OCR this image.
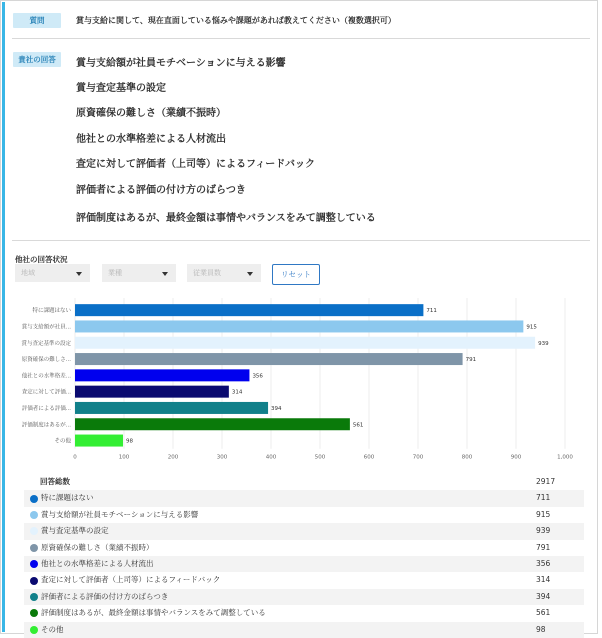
質問	賞与支給に関して、現在直面している悩みや課題があれば教えてください（複数選択可）
貴社の回答	賞与支給額が社員モチベーションに与える影響
賞与査定基準の設定
原資確保の難しさ（業績不振時）
他社との水準格差による人材流出
査定に対して評価者（上司等）によるフィードバック
評価者による評価の付け方のばらつき
評価制度はあるが、最終金額は事情やバランスをみて調整している
他社の回答状況
地域	業種	従業員数	リセット
0	100	200	300	400	500	600	700	800	900	1,000
特に課題はない	711
賞与支給額が社員...	915
賞与査定基準の設定	939
原資確保の難しさ...	791
他社との水準格差...	356
査定に対して評価...	314
評価者による評価...	394
評価制度はあるが...	561
その他	98
回答総数	2917
特に課題はない	711
賞与支給額が社員モチベーションに与える影響	915
賞与査定基準の設定	939
原資確保の難しさ（業績不振時）	791
他社との水準格差による人材流出	356
査定に対して評価者（上司等）によるフィードバック	314
評価者による評価の付け方のばらつき	394
評価制度はあるが、最終金額は事情やバランスをみて調整している	561
その他	98
